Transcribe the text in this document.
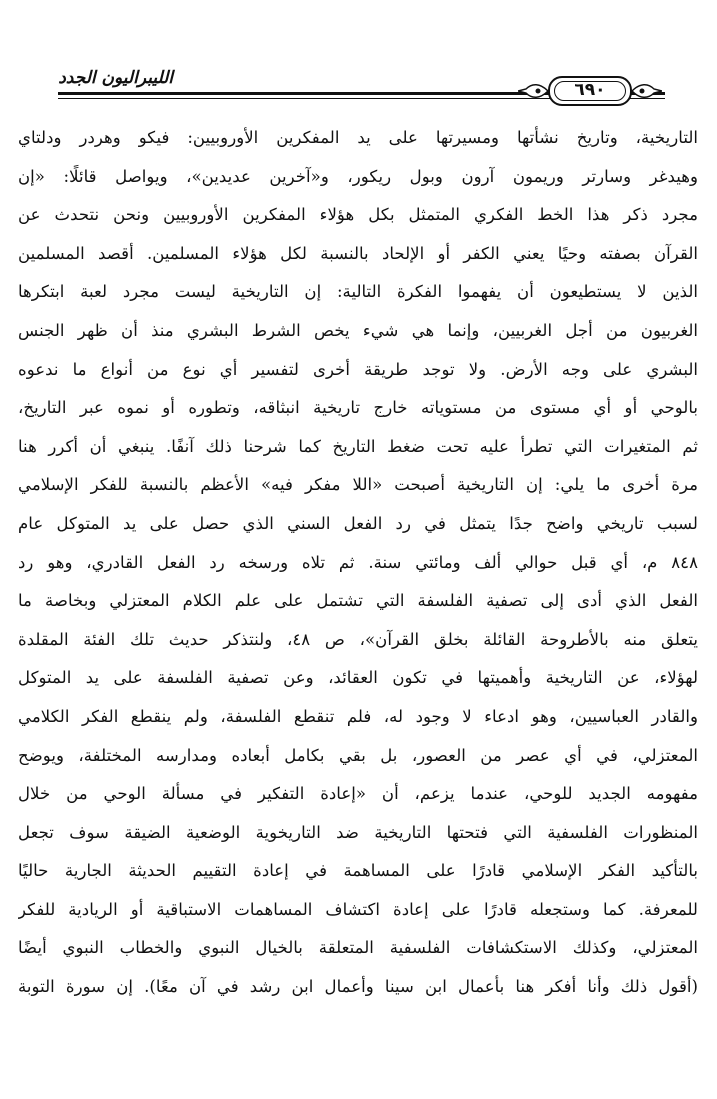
٦٩٠
الليبراليون الجدد
التاريخية، وتاريخ نشأتها ومسيرتها على يد المفكرين الأوروبيين: فيكو وهردر ودلتاي
وهيدغر وسارتر وريمون آرون وبول ريكور، و«آخرين عديدين»، ويواصل قائلًا: «إن
مجرد ذكر هذا الخط الفكري المتمثل بكل هؤلاء المفكرين الأوروبيين ونحن نتحدث عن
القرآن بصفته وحيًا يعني الكفر أو الإلحاد بالنسبة لكل هؤلاء المسلمين. أقصد المسلمين
الذين لا يستطيعون أن يفهموا الفكرة التالية: إن التاريخية ليست مجرد لعبة ابتكرها
الغربيون من أجل الغربيين، وإنما هي شيء يخص الشرط البشري منذ أن ظهر الجنس
البشري على وجه الأرض. ولا توجد طريقة أخرى لتفسير أي نوع من أنواع ما ندعوه
بالوحي أو أي مستوى من مستوياته خارج تاريخية انبثاقه، وتطوره أو نموه عبر التاريخ،
ثم المتغيرات التي تطرأ عليه تحت ضغط التاريخ كما شرحنا ذلك آنفًا. ينبغي أن أكرر هنا
مرة أخرى ما يلي: إن التاريخية أصبحت «اللا مفكر فيه» الأعظم بالنسبة للفكر الإسلامي
لسبب تاريخي واضح جدًا يتمثل في رد الفعل السني الذي حصل على يد المتوكل عام
٨٤٨ م، أي قبل حوالي ألف ومائتي سنة. ثم تلاه ورسخه رد الفعل القادري، وهو رد
الفعل الذي أدى إلى تصفية الفلسفة التي تشتمل على علم الكلام المعتزلي وبخاصة ما
يتعلق منه بالأطروحة القائلة بخلق القرآن»، ص ٤٨، ولنتذكر حديث تلك الفئة المقلدة
لهؤلاء، عن التاريخية وأهميتها في تكون العقائد، وعن تصفية الفلسفة على يد المتوكل
والقادر العباسيين، وهو ادعاء لا وجود له، فلم تنقطع الفلسفة، ولم ينقطع الفكر الكلامي
المعتزلي، في أي عصر من العصور، بل بقي بكامل أبعاده ومدارسه المختلفة، ويوضح
مفهومه الجديد للوحي، عندما يزعم، أن «إعادة التفكير في مسألة الوحي من خلال
المنظورات الفلسفية التي فتحتها التاريخية ضد التاريخوية الوضعية الضيقة سوف تجعل
بالتأكيد الفكر الإسلامي قادرًا على المساهمة في إعادة التقييم الحديثة الجارية حاليًا
للمعرفة. كما وستجعله قادرًا على إعادة اكتشاف المساهمات الاستباقية أو الريادية للفكر
المعتزلي، وكذلك الاستكشافات الفلسفية المتعلقة بالخيال النبوي والخطاب النبوي أيضًا
(أقول ذلك وأنا أفكر هنا بأعمال ابن سينا وأعمال ابن رشد في آن معًا). إن سورة التوبة
